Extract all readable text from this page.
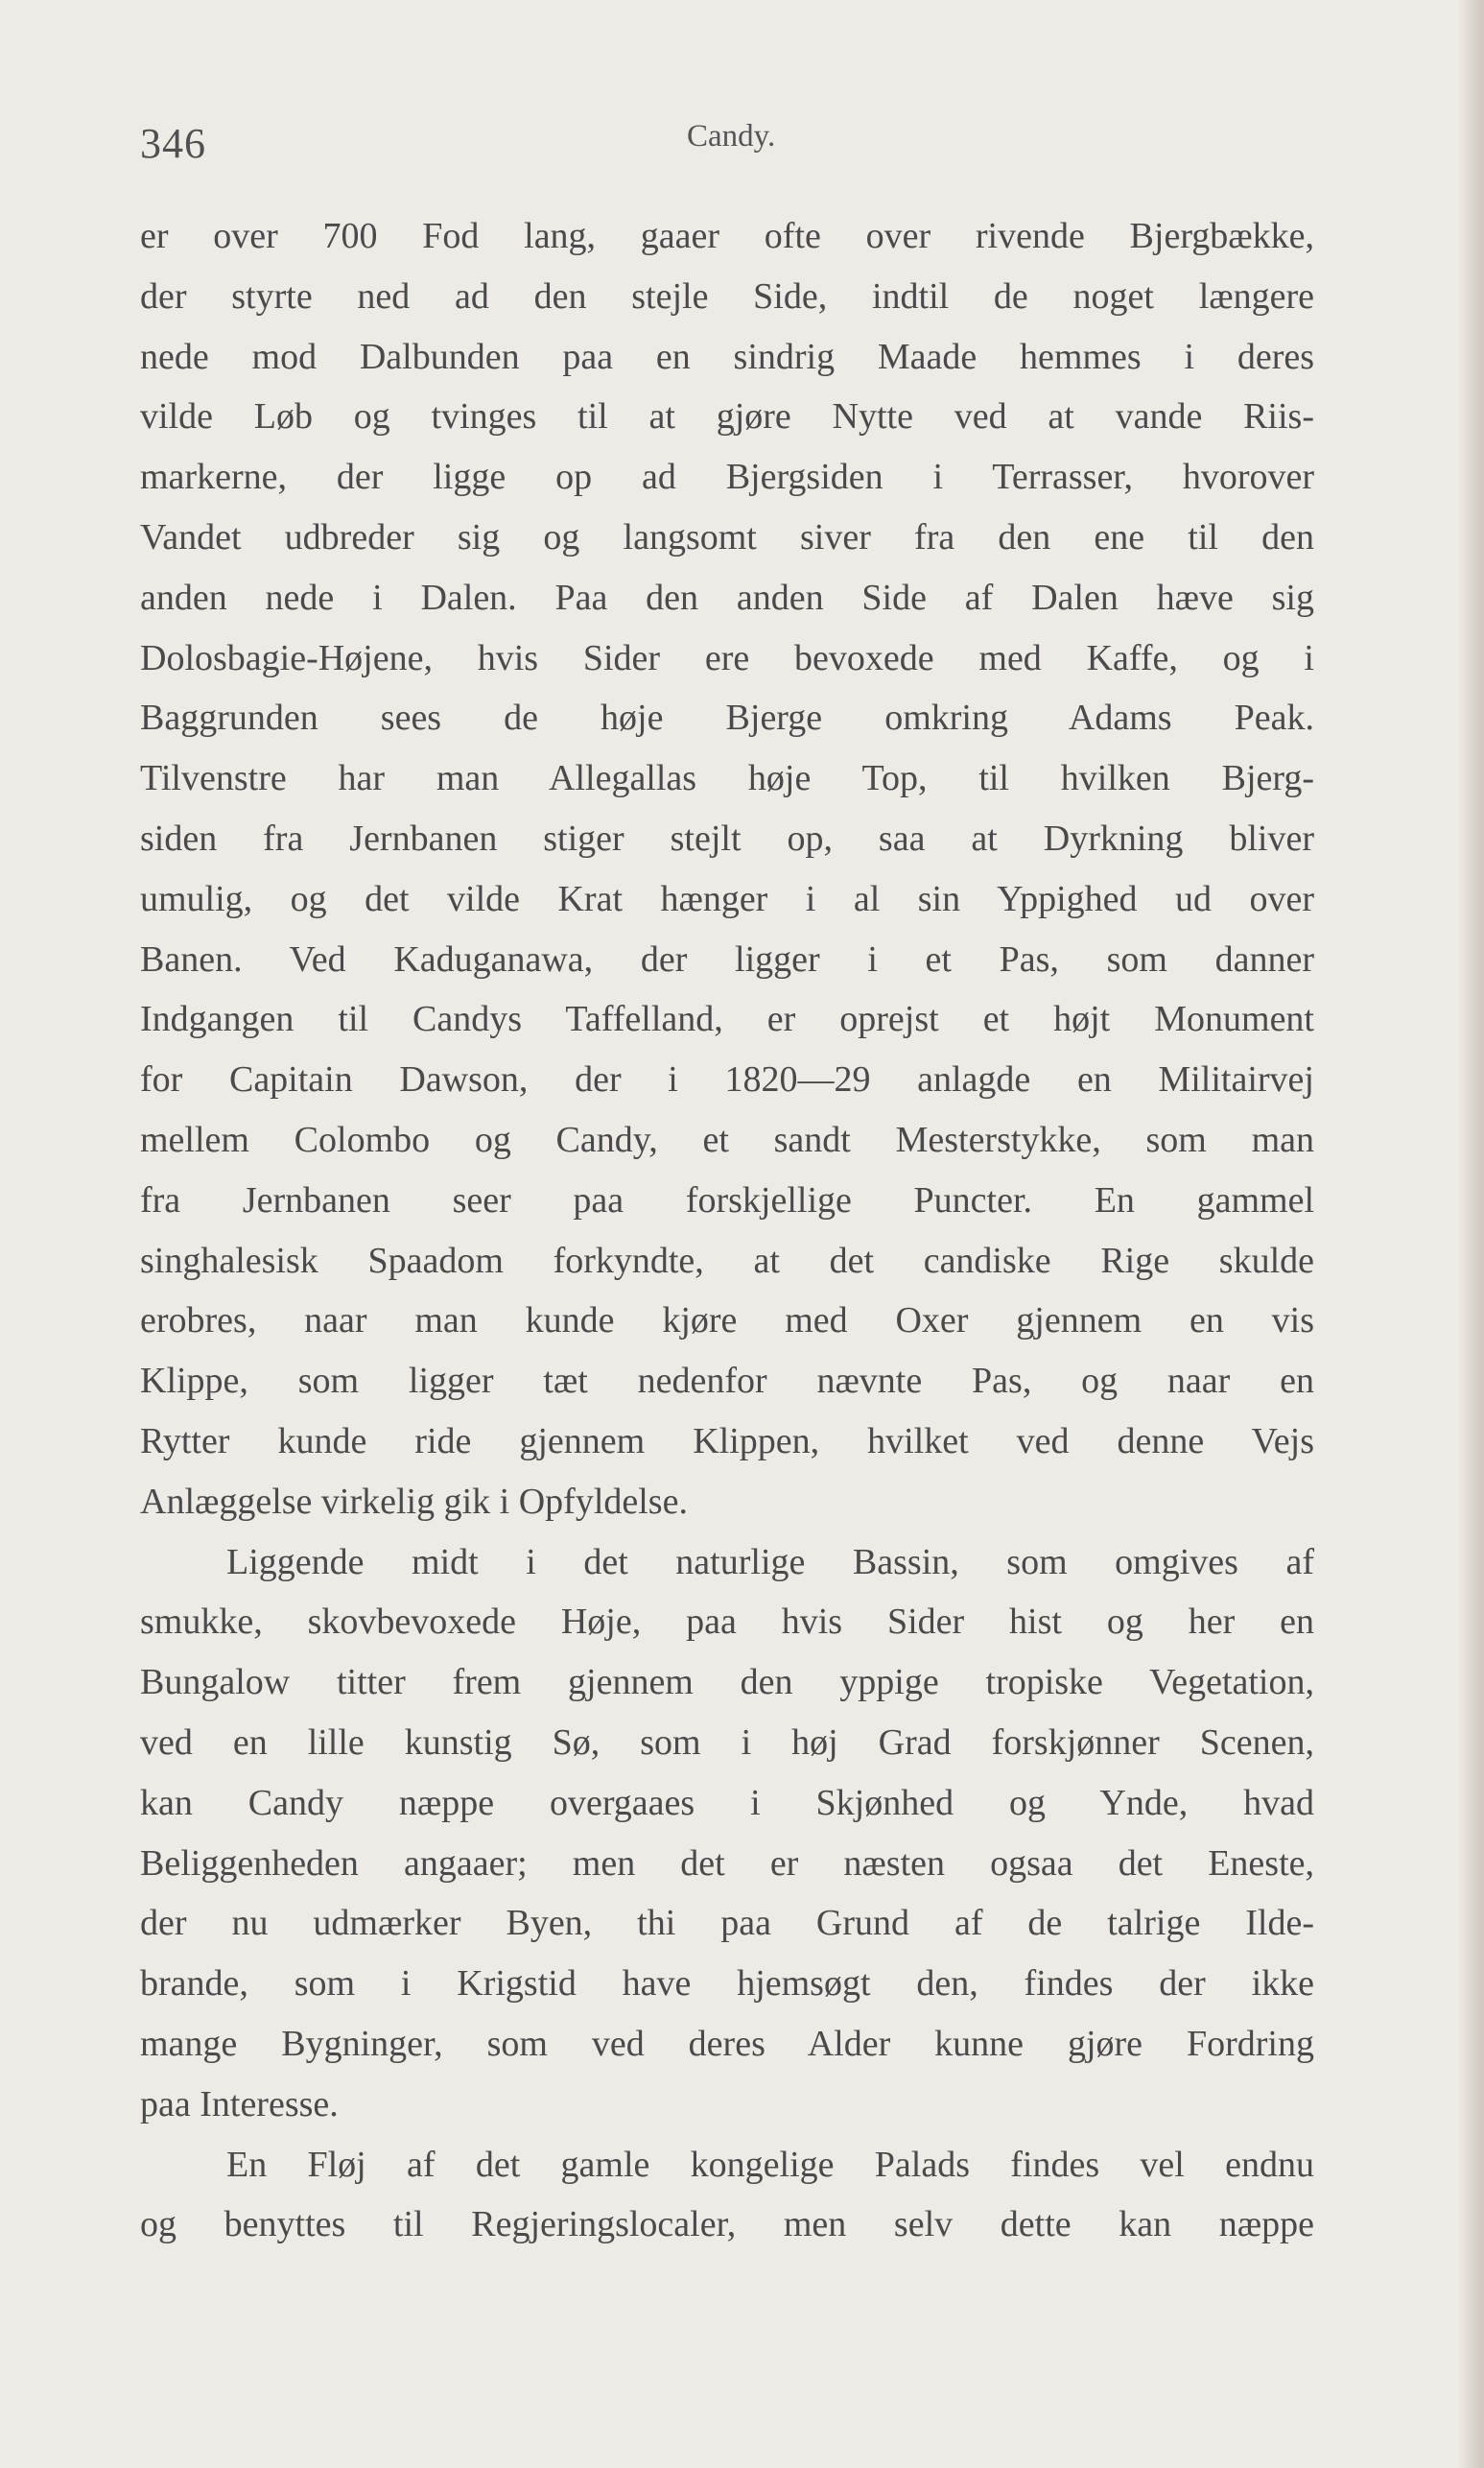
346	Candy.
er over 700 Fod lang, gaaer ofte over rivende Bjergbække,
der styrte ned ad den stejle Side, indtil de noget længere
nede mod Dalbunden paa en sindrig Maade hemmes i deres
vilde Løb og tvinges til at gjøre Nytte ved at vande Riis-
markerne, der ligge op ad Bjergsiden i Terrasser, hvorover
Vandet udbreder sig og langsomt siver fra den ene til den
anden nede i Dalen. Paa den anden Side af Dalen hæve sig
Dolosbagie-Højene, hvis Sider ere bevoxede med Kaffe, og i
Baggrunden sees de høje Bjerge omkring Adams Peak.
Tilvenstre har man Allegallas høje Top, til hvilken Bjerg-
siden fra Jernbanen stiger stejlt op, saa at Dyrkning bliver
umulig, og det vilde Krat hænger i al sin Yppighed ud over
Banen. Ved Kaduganawa, der ligger i et Pas, som danner
Indgangen til Candys Taffelland, er oprejst et højt Monument
for Capitain Dawson, der i 1820—29 anlagde en Militairvej
mellem Colombo og Candy, et sandt Mesterstykke, som man
fra Jernbanen seer paa forskjellige Puncter. En gammel
singhalesisk Spaadom forkyndte, at det candiske Rige skulde
erobres, naar man kunde kjøre med Oxer gjennem en vis
Klippe, som ligger tæt nedenfor nævnte Pas, og naar en
Rytter kunde ride gjennem Klippen, hvilket ved denne Vejs
Anlæggelse virkelig gik i Opfyldelse.
Liggende midt i det naturlige Bassin, som omgives af
smukke, skovbevoxede Høje, paa hvis Sider hist og her en
Bungalow titter frem gjennem den yppige tropiske Vegetation,
ved en lille kunstig Sø, som i høj Grad forskjønner Scenen,
kan Candy næppe overgaaes i Skjønhed og Ynde, hvad
Beliggenheden angaaer; men det er næsten ogsaa det Eneste,
der nu udmærker Byen, thi paa Grund af de talrige Ilde-
brande, som i Krigstid have hjemsøgt den, findes der ikke
mange Bygninger, som ved deres Alder kunne gjøre Fordring
paa Interesse.
En Fløj af det gamle kongelige Palads findes vel endnu
og benyttes til Regjeringslocaler, men selv dette kan næppe
